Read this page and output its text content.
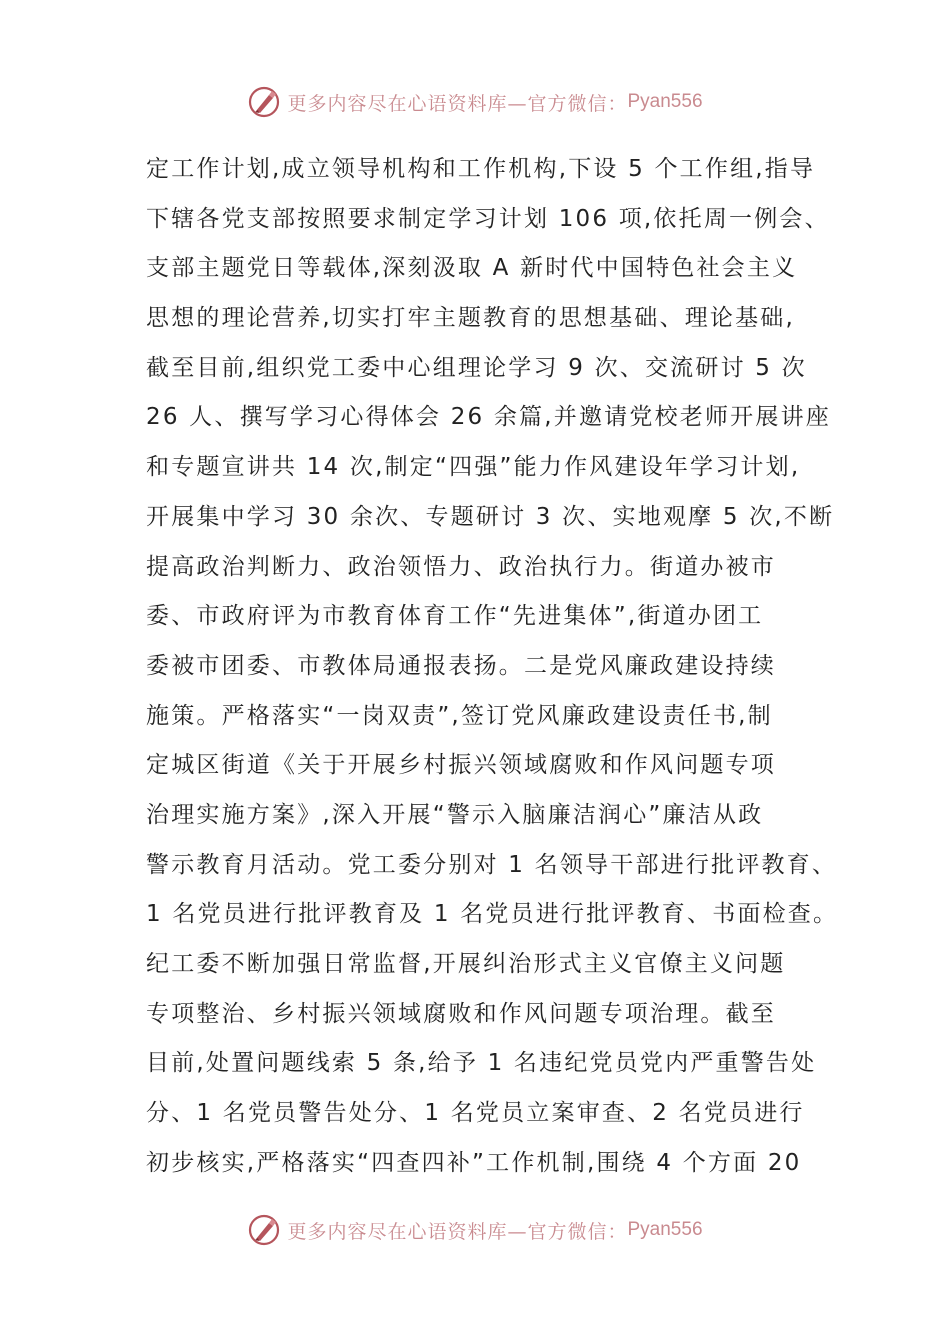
更多内容尽在心语资料库—官方微信： Pyan556
定工作计划,成立领导机构和工作机构,下设 5 个工作组,指导
下辖各党支部按照要求制定学习计划 106 项,依托周一例会、
支部主题党日等载体,深刻汲取 A 新时代中国特色社会主义
思想的理论营养,切实打牢主题教育的思想基础、理论基础,
截至目前,组织党工委中心组理论学习 9 次、交流研讨 5 次
26 人、撰写学习心得体会 26 余篇,并邀请党校老师开展讲座
和专题宣讲共 14 次,制定“四强”能力作风建设年学习计划,
开展集中学习 30 余次、专题研讨 3 次、实地观摩 5 次,不断
提高政治判断力、政治领悟力、政治执行力。街道办被市
委、市政府评为市教育体育工作“先进集体”,街道办团工
委被市团委、市教体局通报表扬。二是党风廉政建设持续
施策。严格落实“一岗双责”,签订党风廉政建设责任书,制
定城区街道《关于开展乡村振兴领域腐败和作风问题专项
治理实施方案》,深入开展“警示入脑廉洁润心”廉洁从政
警示教育月活动。党工委分别对 1 名领导干部进行批评教育、
1 名党员进行批评教育及 1 名党员进行批评教育、书面检查。
纪工委不断加强日常监督,开展纠治形式主义官僚主义问题
专项整治、乡村振兴领域腐败和作风问题专项治理。截至
目前,处置问题线索 5 条,给予 1 名违纪党员党内严重警告处
分、1 名党员警告处分、1 名党员立案审查、2 名党员进行
初步核实,严格落实“四查四补”工作机制,围绕 4 个方面 20
更多内容尽在心语资料库—官方微信： Pyan556
